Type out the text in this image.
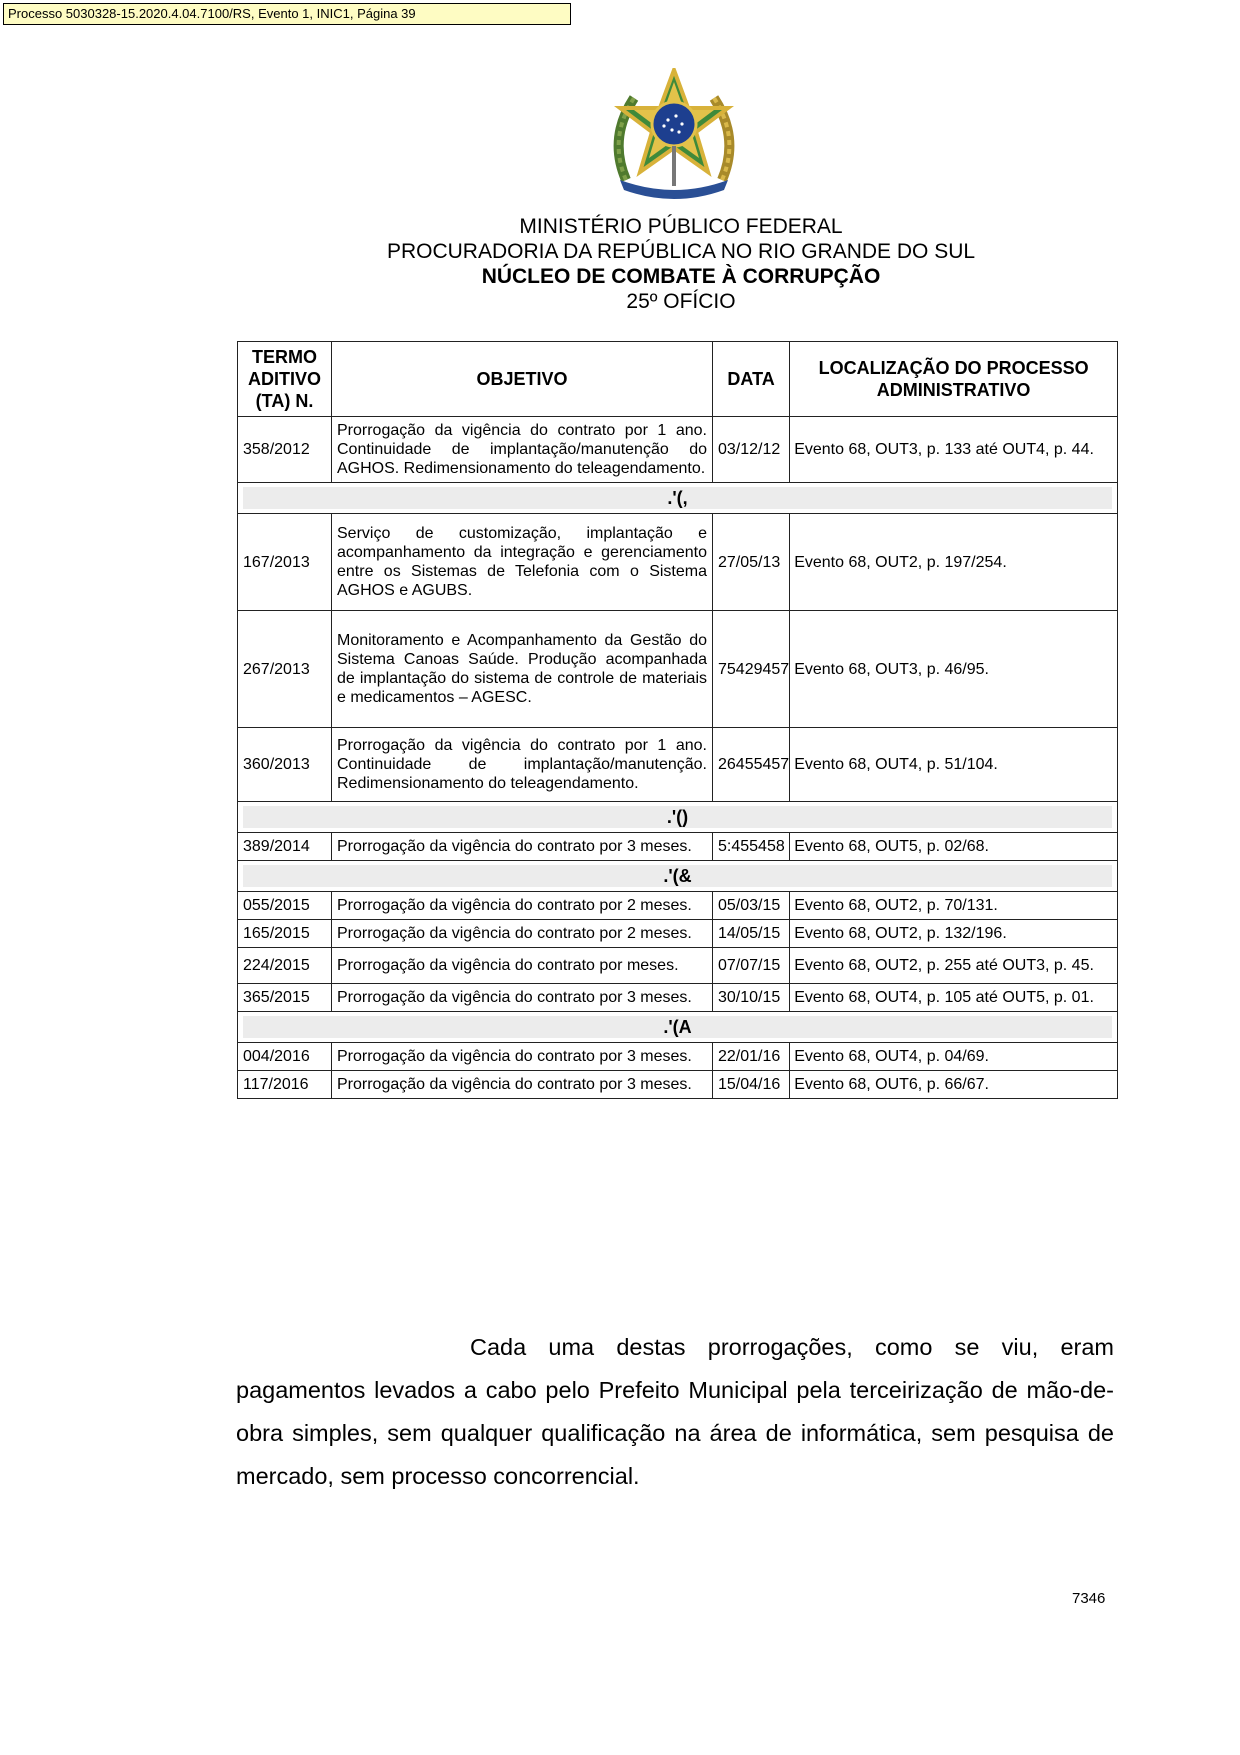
Processo 5030328-15.2020.4.04.7100/RS, Evento 1, INIC1, Página 39
MINISTÉRIO PÚBLICO FEDERAL
PROCURADORIA DA REPÚBLICA NO RIO GRANDE DO SUL
NÚCLEO DE COMBATE À CORRUPÇÃO
25º OFÍCIO
TERMO ADITIVO (TA) N.	OBJETIVO	DATA	LOCALIZAÇÃO DO PROCESSO ADMINISTRATIVO
358/2012	Prorrogação da vigência do contrato por 1 ano. Continuidade de implantação/manutenção do AGHOS. Redimensionamento do teleagendamento.	03/12/12	Evento 68, OUT3, p. 133 até OUT4, p. 44.

.'(,			

167/2013	Serviço de customização, implantação e acompanhamento da integração e gerenciamento entre os Sistemas de Telefonia com o Sistema AGHOS e AGUBS.	27/05/13	Evento 68, OUT2, p. 197/254.
267/2013	Monitoramento e Acompanhamento da Gestão do Sistema Canoas Saúde. Produção acompanhada de implantação do sistema de controle de materiais e medicamentos – AGESC.	75429457	Evento 68, OUT3, p. 46/95.
360/2013	Prorrogação da vigência do contrato por 1 ano. Continuidade de implantação/manutenção. Redimensionamento do teleagendamento.	26455457	Evento 68, OUT4, p. 51/104.

.'()			

389/2014	Prorrogação da vigência do contrato por 3 meses.	5:455458	Evento 68, OUT5, p. 02/68.

.'(&			

055/2015	Prorrogação da vigência do contrato por 2 meses.	05/03/15	Evento 68, OUT2, p. 70/131.
165/2015	Prorrogação da vigência do contrato por 2 meses.	14/05/15	Evento 68, OUT2, p. 132/196.
224/2015	Prorrogação da vigência do contrato por meses.	07/07/15	Evento 68, OUT2, p. 255 até OUT3, p. 45.
365/2015	Prorrogação da vigência do contrato por 3 meses.	30/10/15	Evento 68, OUT4, p. 105 até OUT5, p. 01.

.'(A			

004/2016	Prorrogação da vigência do contrato por 3 meses.	22/01/16	Evento 68, OUT4, p. 04/69.
117/2016	Prorrogação da vigência do contrato por 3 meses.	15/04/16	Evento 68, OUT6, p. 66/67.

Cada uma destas prorrogações, como se viu, eram pagamentos levados a cabo pelo Prefeito Municipal pela terceirização de mão-de-obra simples, sem qualquer qualificação na área de informática, sem pesquisa de mercado, sem processo concorrencial.

7346
